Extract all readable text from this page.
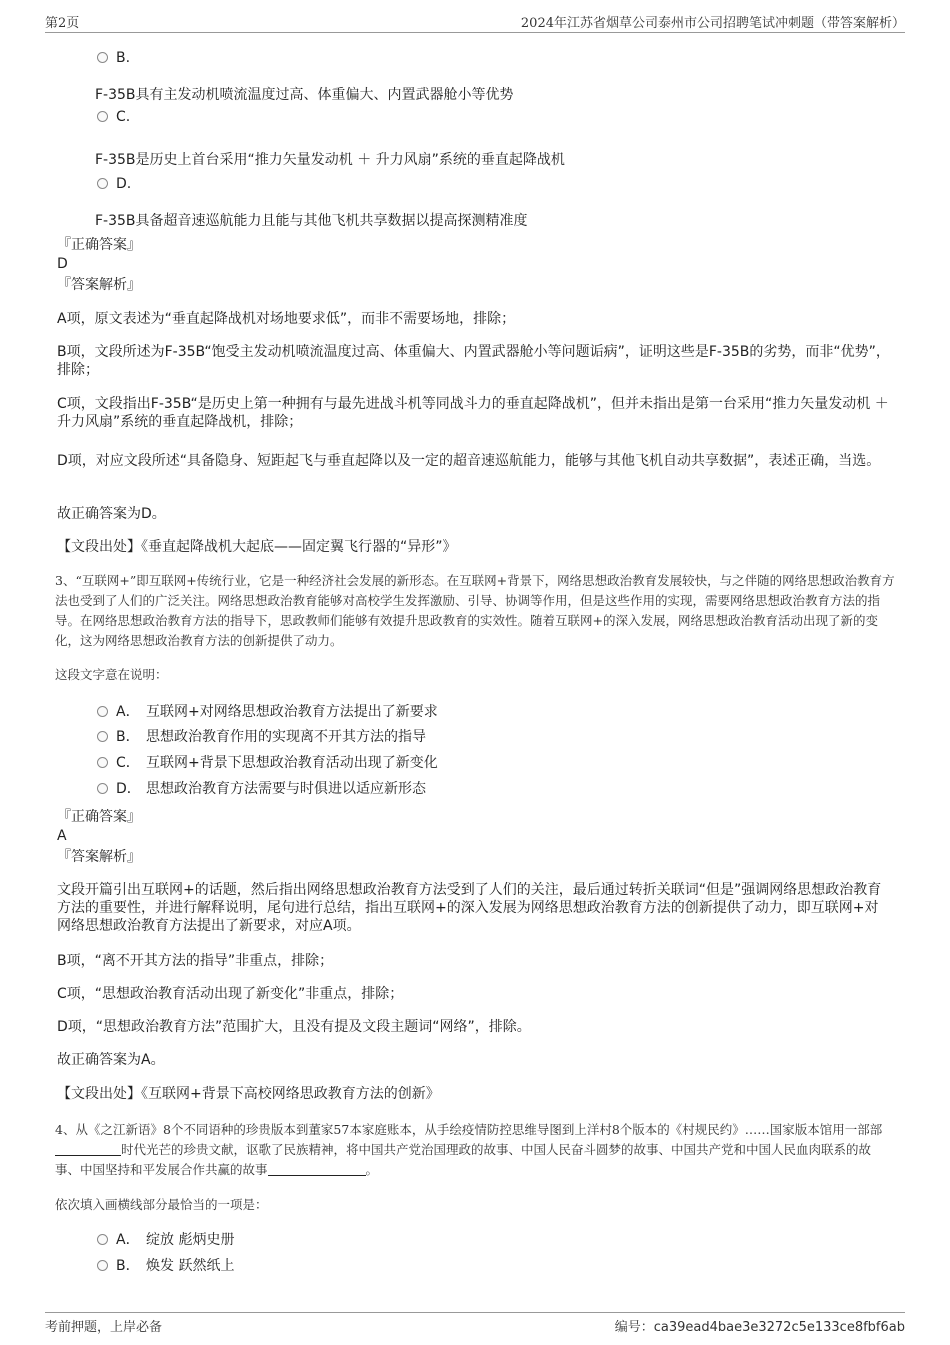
第2页	2024年江苏省烟草公司泰州市公司招聘笔试冲刺题（带答案解析）
B.
F-35B具有主发动机喷流温度过高、体重偏大、内置武器舱小等优势
C.
F-35B是历史上首台采用“推力矢量发动机 ＋ 升力风扇”系统的垂直起降战机
D.
F-35B具备超音速巡航能力且能与其他飞机共享数据以提高探测精准度
『正确答案』
D
『答案解析』
A项，原文表述为“垂直起降战机对场地要求低”，而非不需要场地，排除；
B项，文段所述为F-35B“饱受主发动机喷流温度过高、体重偏大、内置武器舱小等问题诟病”，证明这些是F-35B的劣势，而非“优势”，排除；
C项，文段指出F-35B“是历史上第一种拥有与最先进战斗机等同战斗力的垂直起降战机”，但并未指出是第一台采用“推力矢量发动机 ＋ 升力风扇”系统的垂直起降战机，排除；
D项，对应文段所述“具备隐身、短距起飞与垂直起降以及一定的超音速巡航能力，能够与其他飞机自动共享数据”，表述正确，当选。
故正确答案为D。
【文段出处】《垂直起降战机大起底——固定翼飞行器的“异形”》
3、“互联网+”即互联网+传统行业，它是一种经济社会发展的新形态。在互联网+背景下，网络思想政治教育发展较快，与之伴随的网络思想政治教育方法也受到了人们的广泛关注。网络思想政治教育能够对高校学生发挥激励、引导、协调等作用，但是这些作用的实现，需要网络思想政治教育方法的指导。在网络思想政治教育方法的指导下，思政教师们能够有效提升思政教育的实效性。随着互联网+的深入发展，网络思想政治教育活动出现了新的变化，这为网络思想政治教育方法的创新提供了动力。
这段文字意在说明：
A． 互联网+对网络思想政治教育方法提出了新要求
B． 思想政治教育作用的实现离不开其方法的指导
C． 互联网+背景下思想政治教育活动出现了新变化
D． 思想政治教育方法需要与时俱进以适应新形态
『正确答案』
A
『答案解析』
文段开篇引出互联网+的话题，然后指出网络思想政治教育方法受到了人们的关注，最后通过转折关联词“但是”强调网络思想政治教育方法的重要性，并进行解释说明，尾句进行总结，指出互联网+的深入发展为网络思想政治教育方法的创新提供了动力，即互联网+对网络思想政治教育方法提出了新要求，对应A项。
B项，“离不开其方法的指导”非重点，排除；
C项，“思想政治教育活动出现了新变化”非重点，排除；
D项，“思想政治教育方法”范围扩大，且没有提及文段主题词“网络”，排除。
故正确答案为A。
【文段出处】《互联网+背景下高校网络思政教育方法的创新》
4、从《之江新语》8个不同语种的珍贵版本到董家57本家庭账本，从手绘疫情防控思维导图到上洋村8个版本的《村规民约》……国家版本馆用一部部时代光芒的珍贵文献，讴歌了民族精神，将中国共产党治国理政的故事、中国人民奋斗圆梦的故事、中国共产党和中国人民血肉联系的故事、中国坚持和平发展合作共赢的故事	。
依次填入画横线部分最恰当的一项是：
A． 绽放 彪炳史册
B． 焕发 跃然纸上
考前押题，上岸必备	编号：ca39ead4bae3e3272c5e133ce8fbf6ab
